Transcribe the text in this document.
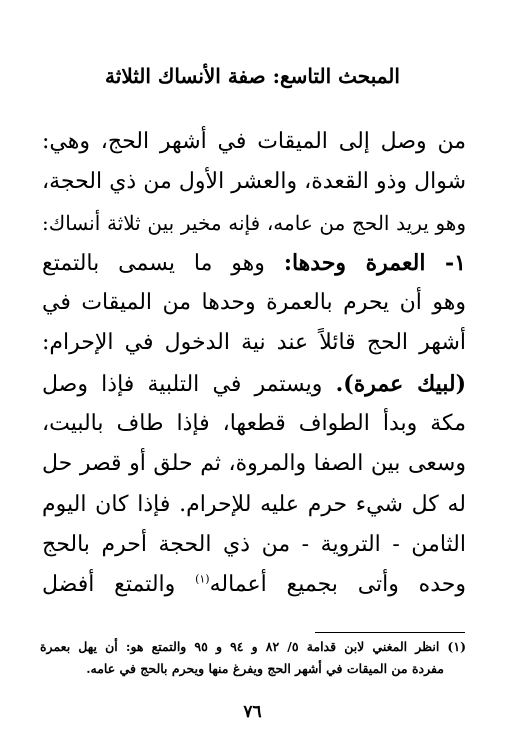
المبحث التاسع: صفة الأنساك الثلاثة
من وصل إلى الميقات في أشهر الحج، وهي:
شوال وذو القعدة، والعشر الأول من ذي الحجة،
وهو يريد الحج من عامه، فإنه مخير بين ثلاثة أنساك:
١- العمرة وحدها: وهو ما يسمى بالتمتع
وهو أن يحرم بالعمرة وحدها من الميقات في
أشهر الحج قائلاً عند نية الدخول في الإحرام:
(لبيك عمرة). ويستمر في التلبية فإذا وصل
مكة وبدأ الطواف قطعها، فإذا طاف بالبيت،
وسعى بين الصفا والمروة، ثم حلق أو قصر حل
له كل شيء حرم عليه للإحرام. فإذا كان اليوم
الثامن - التروية - من ذي الحجة أحرم بالحج
وحده وأتى بجميع أعماله$^{(١)}$ والتمتع أفضل
(١) انظر المغني لابن قدامة ٥/ ٨٢ و ٩٤ و ٩٥ والتمتع هو: أن يهل بعمرة
مفردة من الميقات في أشهر الحج ويفرغ منها ويحرم بالحج في عامه.
٧٦
